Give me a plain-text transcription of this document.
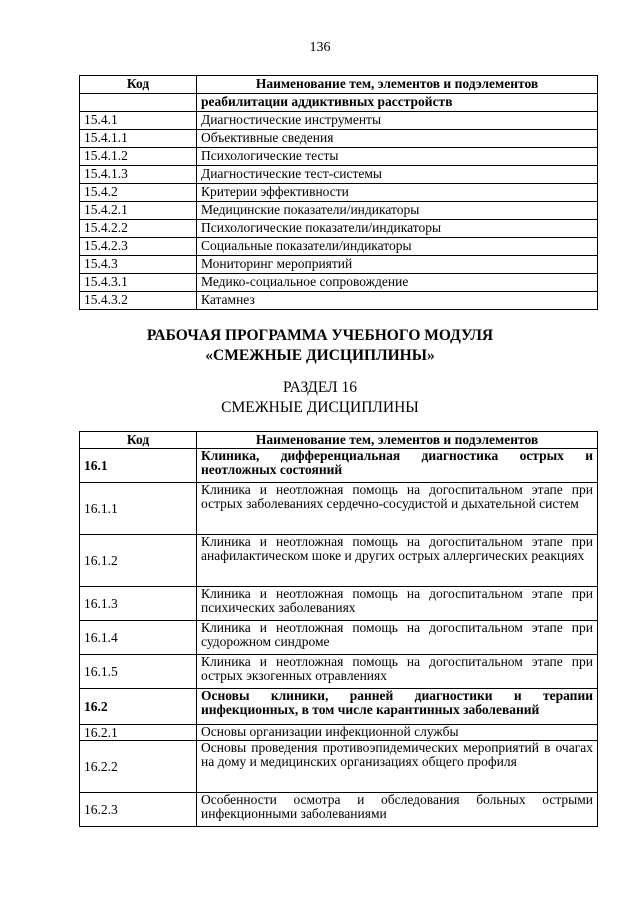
136
Код	Наименование тем, элементов и подэлементов
	реабилитации аддиктивных расстройств
15.4.1	Диагностические инструменты
15.4.1.1	Объективные сведения
15.4.1.2	Психологические тесты
15.4.1.3	Диагностические тест-системы
15.4.2	Критерии эффективности
15.4.2.1	Медицинские показатели/индикаторы
15.4.2.2	Психологические показатели/индикаторы
15.4.2.3	Социальные показатели/индикаторы
15.4.3	Мониторинг мероприятий
15.4.3.1	Медико-социальное сопровождение
15.4.3.2	Катамнез
РАБОЧАЯ ПРОГРАММА УЧЕБНОГО МОДУЛЯ
«СМЕЖНЫЕ ДИСЦИПЛИНЫ»
РАЗДЕЛ 16
СМЕЖНЫЕ ДИСЦИПЛИНЫ
Код	Наименование тем, элементов и подэлементов
16.1	Клиника, дифференциальная диагностика острых и неотложных состояний
16.1.1	Клиника и неотложная помощь на догоспитальном этапе при острых заболеваниях сердечно-сосудистой и дыхательной систем
16.1.2	Клиника и неотложная помощь на догоспитальном этапе при анафилактическом шоке и других острых аллергических реакциях
16.1.3	Клиника и неотложная помощь на догоспитальном этапе при психических заболеваниях
16.1.4	Клиника и неотложная помощь на догоспитальном этапе при судорожном синдроме
16.1.5	Клиника и неотложная помощь на догоспитальном этапе при острых экзогенных отравлениях
16.2	Основы клиники, ранней диагностики и терапии инфекционных, в том числе карантинных заболеваний
16.2.1	Основы организации инфекционной службы
16.2.2	Основы проведения противоэпидемических мероприятий в очагах на дому и медицинских организациях общего профиля
16.2.3	Особенности осмотра и обследования больных острыми инфекционными заболеваниями
